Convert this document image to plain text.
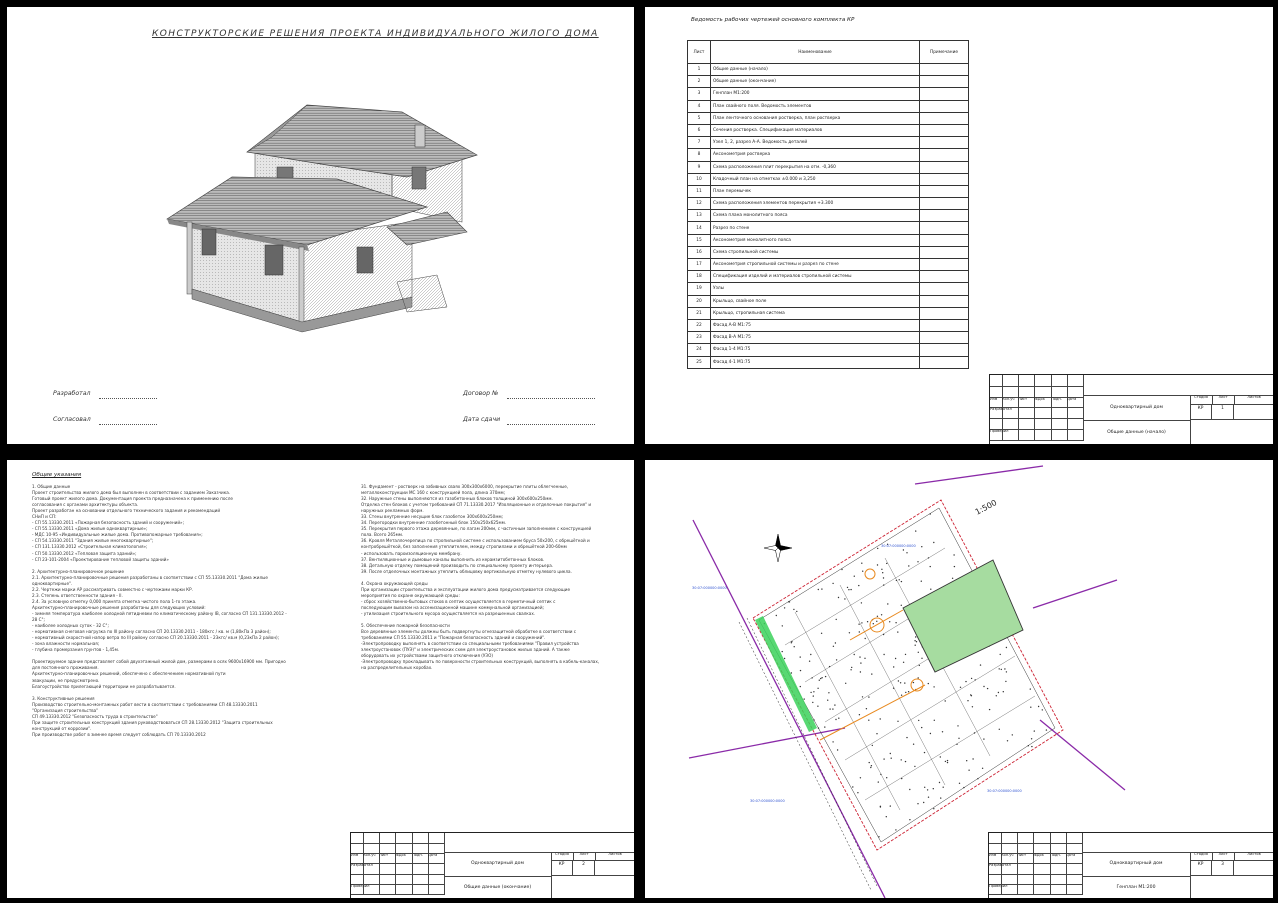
КОНСТРУКТОРСКИЕ РЕШЕНИЯ ПРОЕКТА ИНДИВИДУАЛЬНОГО ЖИЛОГО ДОМА
Разработал
Согласовал
Договор №
Дата сдачи
Ведомость рабочих чертежей основного комплекта КР
Лист	Наименование	Примечание
1	Общие данные (начало)	
2	Общие данные (окончание)	
3	Генплан М1:200	
4	План свайного поля. Ведомость элементов	
5	План ленточного основания ростверка, план ростверка	
6	Сечения ростверка. Спецификация материалов	
7	Узел 1, 2, разрез А-А. Ведомость деталей	
8	Аксонометрия ростверка	
9	Схема расположения плит перекрытия на отм. -0,360	
10	Кладочный план на отметках ±0.000 и 3,250	
11	План перемычек	
12	Схема расположения элементов перекрытия +3.300	
13	Схема плана монолитного пояса	
14	Разрез по стене	
15	Аксонометрия монолитного пояса	
16	Схема стропильной системы	
17	Аксонометрия стропильной системы и разрез по стене	
18	Спецификация изделий и материалов стропильной системы	
19	Узлы	
20	Крыльцо, свайное поле	
21	Крыльцо, стропильная система	
22	Фасад А-В М1:75	
23	Фасад В-А М1:75	
24	Фасад 1-4 М1:75	
25	Фасад 4-1 М1:75	
Изм	Кол.уч Лист	№Док	Подп.	Дата
Разработал
Проверил
Одноквартирный дом
Общие данные (начало)
Стадия
КР
Лист
1
Листов
Общие указания
1. Общие данные
Проект строительства жилого дома был выполнен в соответствии с заданием Заказчика.
Готовый проект жилого дома. Документация проекта предназначена к применению после
согласования с органами архитектуры объекта.
Проект разработан на основании отдельного технического задания и рекомендаций
СНиП и СП:
- СП 55.13330.2011 «Пожарная безопасность зданий и сооружений»;
- СП 55.13330.2011 «Дома жилые одноквартирные»;
- МДС 10-95 «Индивидуальные жилые дома. Противопожарные требования»;
- СП 54.13330.2011 "Здания жилые многоквартирные";
- СП 131.13330.2012 «Строительная климатология»;
- СП 50.13330.2012 «Тепловая защита зданий»;
- СП 23-101-2004 «Проектирование тепловой защиты зданий»

2. Архитектурно-планировочное решение
2.1. Архитектурно-планировочные решения разработаны в соответствии с СП 55.13330.2011 "Дома жилые
одноквартирные".
2.2. Чертежи марки АР рассматривать совместно с чертежами марки КР.
2.3. Степень ответственности здания - II.
2.4. За условную отметку 0,000 принята отметка чистого пола 1-го этажа.
Архитектурно-планировочные решения разработаны для следующих условий:
- зимняя температура наиболее холодной пятидневки по климатическому району IВ, согласно СП 131.13330.2012 -
28 С°;
- наиболее холодных суток - 32 С°;
- нормативная снеговая нагрузка по III району согласно СП 20.13330.2011 - 180кгс / кв. м (1,80кПа 3 район);
- нормативный скоростной напор ветра по III району согласно СП 20.13330.2011 - 23кгс/ кв.м (0,23кПа 2 район);
- зона влажности нормальная;
- глубина промерзания грунтов - 1,45м.

Проектируемое здание представляет собой двухэтажный жилой дом, размерами в осях 9600х16900 мм. Пригодно
для постоянного проживания.
Архитектурно-планировочных решений, обеспечено с обеспечением нормативной пути
эвакуации, не предусмотрено.
Благоустройство прилегающей территории не разрабатывается.

3. Конструктивные решения
Производство строительно-монтажных работ вести в соответствии с требованиями СП 48.13330.2011
"Организация строительства"
СП 49.13330.2012 "Безопасность труда в строительстве"
При защите строительных конструкций здания руководствоваться СП 28.13330.2012 "Защита строительных
конструкций от коррозии".
При производстве работ в зимнее время следует соблюдать СП 70.13330.2012
31. Фундамент - ростверк на забивных сваях 300х300х6000, перекрытие плиты облегченные,
металлоконструкции МС 160 с конструкцией пола, длина 370мм;
32. Наружные стены выполняются из газобетонных блоков толщиной 300х600х250мм.
Отделка стен блоков с учетом требований СП 71.13330.2017 "Изоляционные и отделочные покрытия" и
наружных рекламных форм.
33. Стены внутренние несущие блок газобетон 300х600х250мм;
34. Перегородки внутренние газобетонный блок 150х250х625мм.
35. Перекрытия первого этажа деревянные, по лагам 200мм, с частичным заполнением с конструкцией
пола. Всего 265мм.
36. Кровля Металлочерепица по стропильной системе с использованием бруса 50х200, с обрешёткой и
контробрешёткой, без заполнения утеплителем, между стропилами и обрешёткой 200-60мм
- использовать пароизоляционную мембрану.
37. Вентиляционные и дымовые каналы выполнить из керамзитобетонных блоков.
38. Детальную отделку помещений производить по специальному проекту интерьера.
39. После отделочных монтажных утеплить облицовку вертикальную отметку нулевого цикла.

4. Охрана окружающей среды
При организации строительства и эксплуатации жилого дома предусматривается следующие
мероприятия по охране окружающей среды:
- сброс хозяйственно-бытовых стоков в септик осуществляется в герметичный септик с
последующим вывозом на ассенизационной машине коммунальной организацией;
- утилизация строительного мусора осуществляется на разрешенных свалках.

5. Обеспечение пожарной безопасности
Все деревянные элементы должны быть подвергнуты огнезащитной обработке в соответствии с
требованиями СП 55.13330.2011 и "Пожарная безопасность зданий и сооружений".
-Электропроводку выполнять в соответствии со специальными требованиями "Правил устройства
электроустановок (ПУЭ)" и электрических схем для электроустановок жилых зданий. А также
оборудовать их устройствами защитного отключения (УЗО)
-Электропроводку прокладывать по поверхности строительных конструкций, выполнять в кабель-каналах,
на распределительных коробах.
Изм	Кол.уч Лист	№Док	Подп.	Дата
Разработал
Проверил
Одноквартирный дом
Общие данные (окончание)
Стадия
КР
Лист
2
Листов
30:07:000000:0000
30:07:000000:0000
30:07:000000:0000
30:07:000000:0000
1:500
Изм	Кол.уч Лист	№Док	Подп.	Дата
Разработал
Проверил
Одноквартирный дом
Генплан М1:200
Стадия
КР
Лист
3
Листов
